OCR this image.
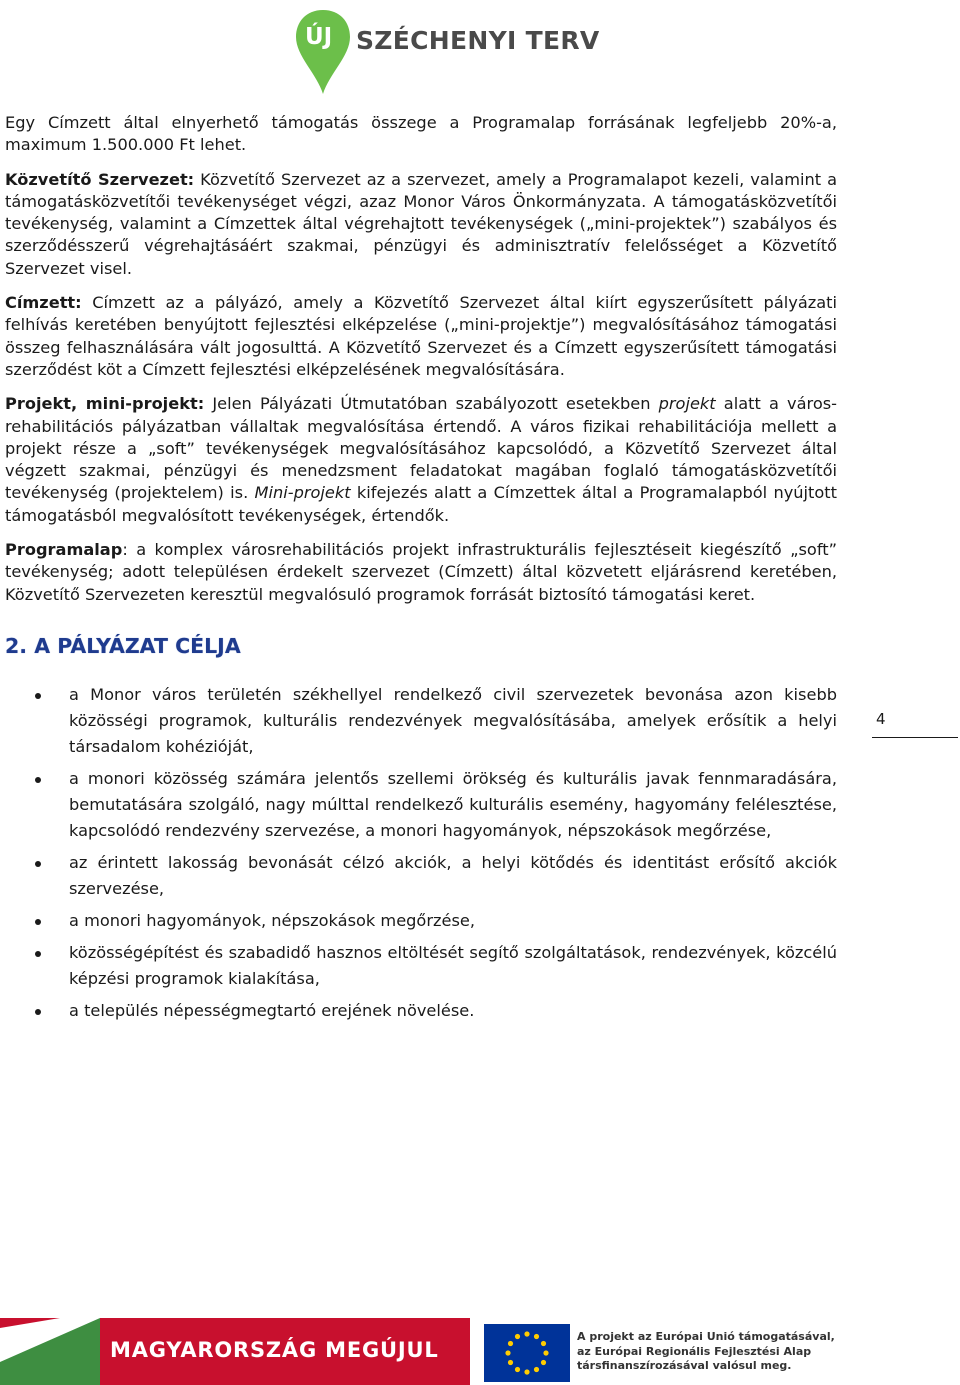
ÚJ SZÉCHENYI TERV

Egy Címzett által elnyerhető támogatás összege a Programalap forrásának legfeljebb 20%-a, maximum 1.500.000 Ft lehet.

Közvetítő Szervezet: Közvetítő Szervezet az a szervezet, amely a Programalapot kezeli, valamint a támogatásközvetítői tevékenységet végzi, azaz Monor Város Önkormányzata. A támogatásközvetítői tevékenység, valamint a Címzettek által végrehajtott tevékenységek („mini-projektek”) szabályos és szerződésszerű végrehajtásáért szakmai, pénzügyi és adminisztratív felelősséget a Közvetítő Szervezet visel.

Címzett: Címzett az a pályázó, amely a Közvetítő Szervezet által kiírt egyszerűsített pályázati felhívás keretében benyújtott fejlesztési elképzelése („mini-projektje”) megvalósításához támogatási összeg felhasználására vált jogosulttá. A Közvetítő Szervezet és a Címzett egyszerűsített támogatási szerződést köt a Címzett fejlesztési elképzelésének megvalósítására.

Projekt, mini-projekt: Jelen Pályázati Útmutatóban szabályozott esetekben projekt alatt a város-rehabilitációs pályázatban vállaltak megvalósítása értendő. A város fizikai rehabilitációja mellett a projekt része a „soft” tevékenységek megvalósításához kapcsolódó, a Közvetítő Szervezet által végzett szakmai, pénzügyi és menedzsment feladatokat magában foglaló támogatásközvetítői tevékenység (projektelem) is. Mini-projekt kifejezés alatt a Címzettek által a Programalapból nyújtott támogatásból megvalósított tevékenységek, értendők.

Programalap: a komplex városrehabilitációs projekt infrastrukturális fejlesztéseit kiegészítő „soft” tevékenység; adott településen érdekelt szervezet (Címzett) által közvetett eljárásrend keretében, Közvetítő Szervezeten keresztül megvalósuló programok forrását biztosító támogatási keret.

2. A PÁLYÁZAT CÉLJA
a Monor város területén székhellyel rendelkező civil szervezetek bevonása azon kisebb közösségi programok, kulturális rendezvények megvalósításába, amelyek erősítik a helyi társadalom kohézióját,
a monori közösség számára jelentős szellemi örökség és kulturális javak fennmaradására, bemutatására szolgáló, nagy múlttal rendelkező kulturális esemény, hagyomány felélesztése, kapcsolódó rendezvény szervezése, a monori hagyományok, népszokások megőrzése,
az érintett lakosság bevonását célzó akciók, a helyi kötődés és identitást erősítő akciók szervezése,
a monori hagyományok, népszokások megőrzése,
közösségépítést és szabadidő hasznos eltöltését segítő szolgáltatások, rendezvények, közcélú képzési programok kialakítása,
a település népességmegtartó erejének növelése.
4
MAGYARORSZÁG MEGÚJUL
A projekt az Európai Unió támogatásával,
az Európai Regionális Fejlesztési Alap
társfinanszírozásával valósul meg.
